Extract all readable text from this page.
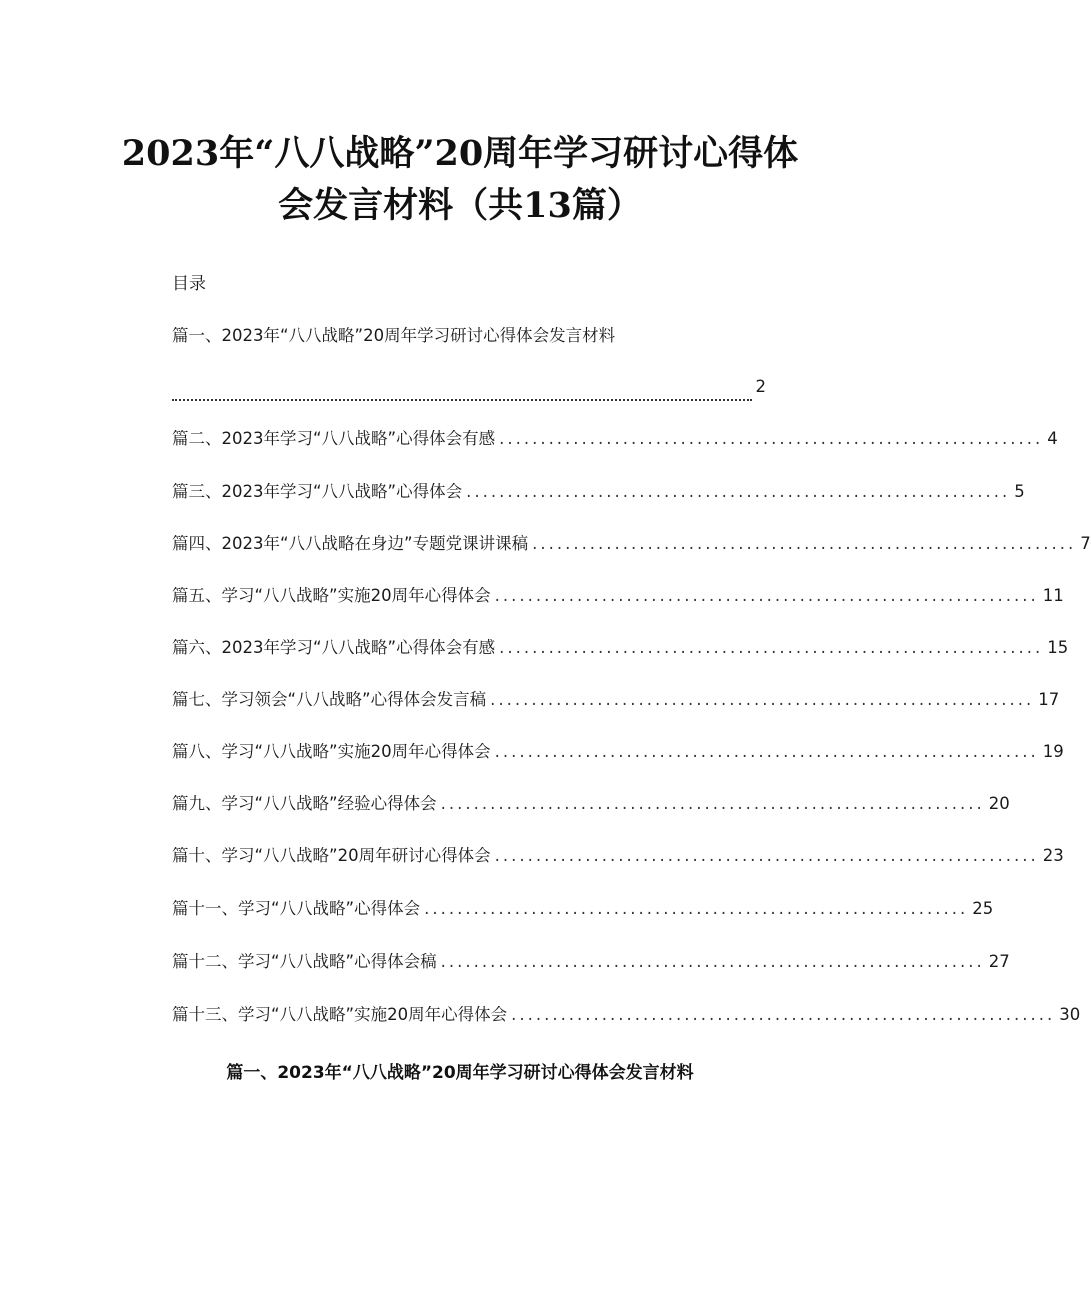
2023年“八八战略”20周年学习研讨心得体
会发言材料（共13篇）
目录
篇一、2023年“八八战略”20周年学习研讨心得体会发言材料
2
篇二、2023年学习“八八战略”心得体会有感 .................................................................. 4
篇三、2023年学习“八八战略”心得体会 .................................................................. 5
篇四、2023年“八八战略在身边”专题党课讲课稿 .................................................................. 7
篇五、学习“八八战略”实施20周年心得体会 .................................................................. 11
篇六、2023年学习“八八战略”心得体会有感 .................................................................. 15
篇七、学习领会“八八战略”心得体会发言稿 .................................................................. 17
篇八、学习“八八战略”实施20周年心得体会 .................................................................. 19
篇九、学习“八八战略”经验心得体会 .................................................................. 20
篇十、学习“八八战略”20周年研讨心得体会 .................................................................. 23
篇十一、学习“八八战略”心得体会 .................................................................. 25
篇十二、学习“八八战略”心得体会稿 .................................................................. 27
篇十三、学习“八八战略”实施20周年心得体会 .................................................................. 30
篇一、2023年“八八战略”20周年学习研讨心得体会发言材料
